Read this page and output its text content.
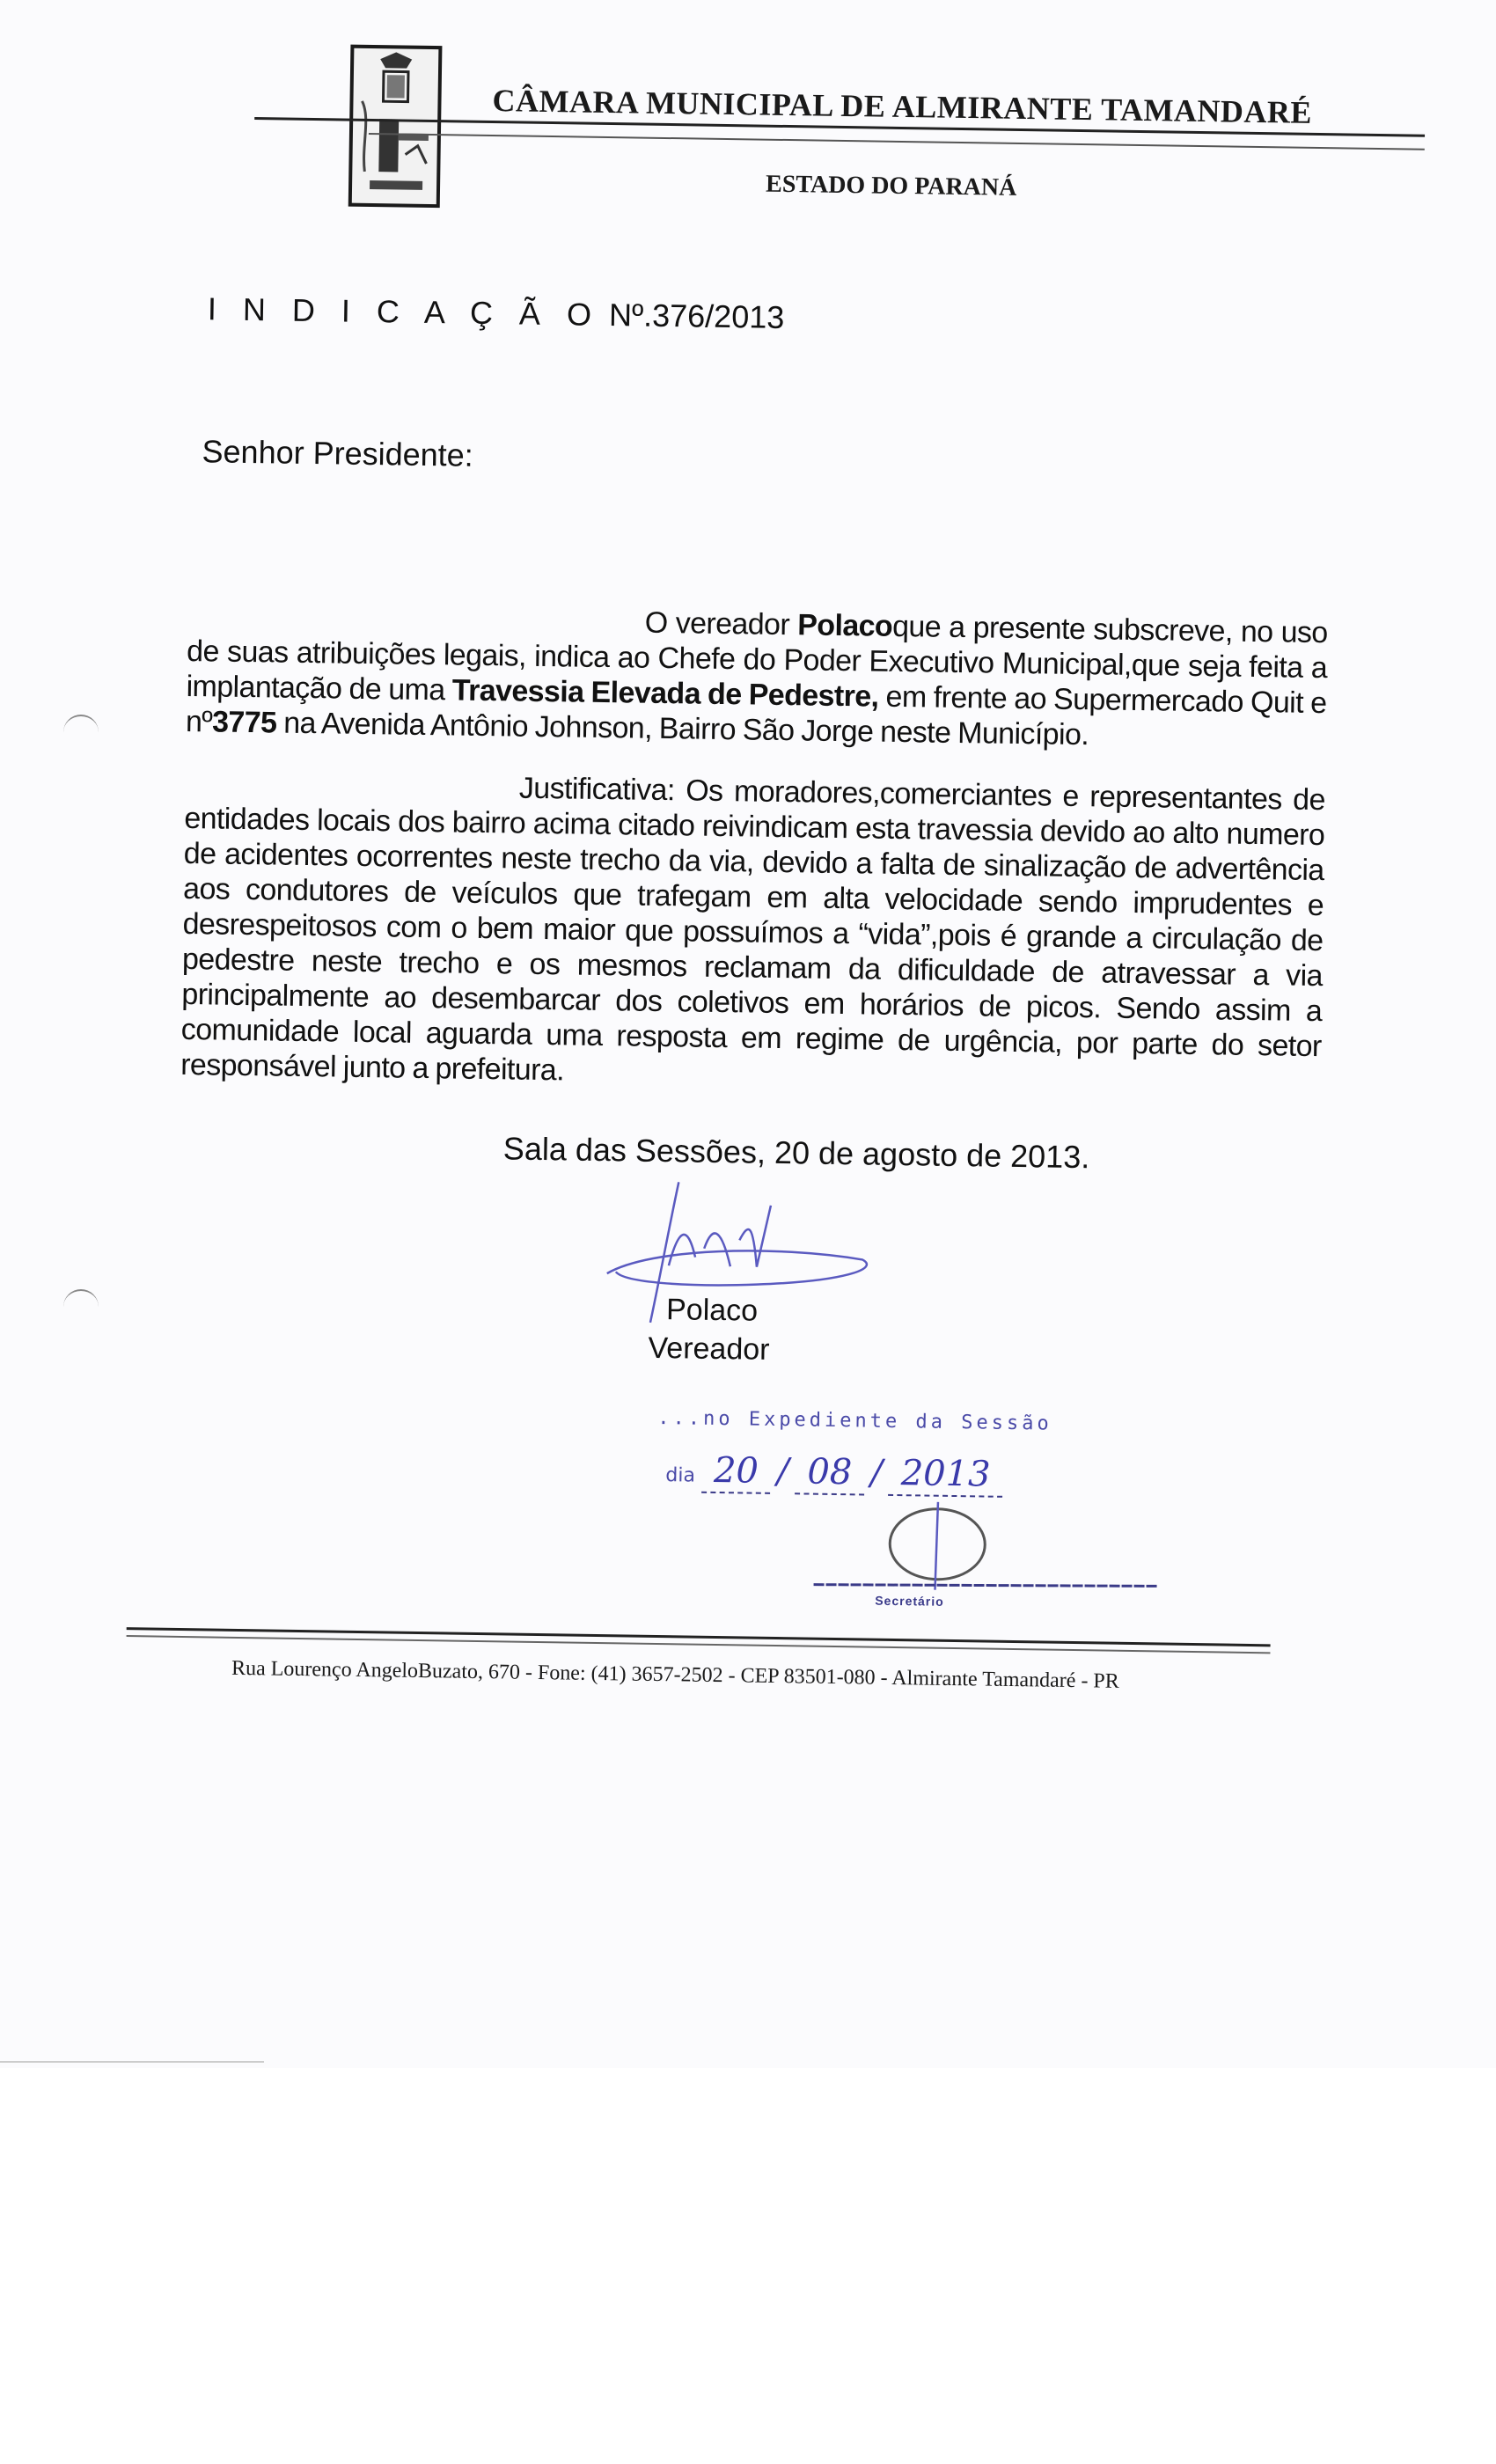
CÂMARA MUNICIPAL DE ALMIRANTE TAMANDARÉ
ESTADO DO PARANÁ
I N D I C A Ç Ã O Nº.376/2013
Senhor Presidente:
O vereador Polacoque a presente subscreve, no uso de suas atribuições legais, indica ao Chefe do Poder Executivo Municipal,que seja feita a implantação de uma Travessia Elevada de Pedestre, em frente ao Supermercado Quit e nº3775 na Avenida Antônio Johnson, Bairro São Jorge neste Município.
Justificativa: Os moradores,comerciantes e representantes de entidades locais dos bairro acima citado reivindicam esta travessia devido ao alto numero de acidentes ocorrentes neste trecho da via, devido a falta de sinalização de advertência aos condutores de veículos que trafegam em alta velocidade sendo imprudentes e desrespeitosos com o bem maior que possuímos a “vida”,pois é grande a circulação de pedestre neste trecho e os mesmos reclamam da dificuldade de atravessar a via principalmente ao desembarcar dos coletivos em horários de picos. Sendo assim a comunidade local aguarda uma resposta em regime de urgência, por parte do setor responsável junto a prefeitura.
Sala das Sessões, 20 de agosto de 2013.
Polaco
Vereador
...no Expediente da Sessão
dia 20 / 08 / 2013
Secretário
Rua Lourenço AngeloBuzato, 670 - Fone: (41) 3657-2502 - CEP 83501-080 - Almirante Tamandaré - PR
